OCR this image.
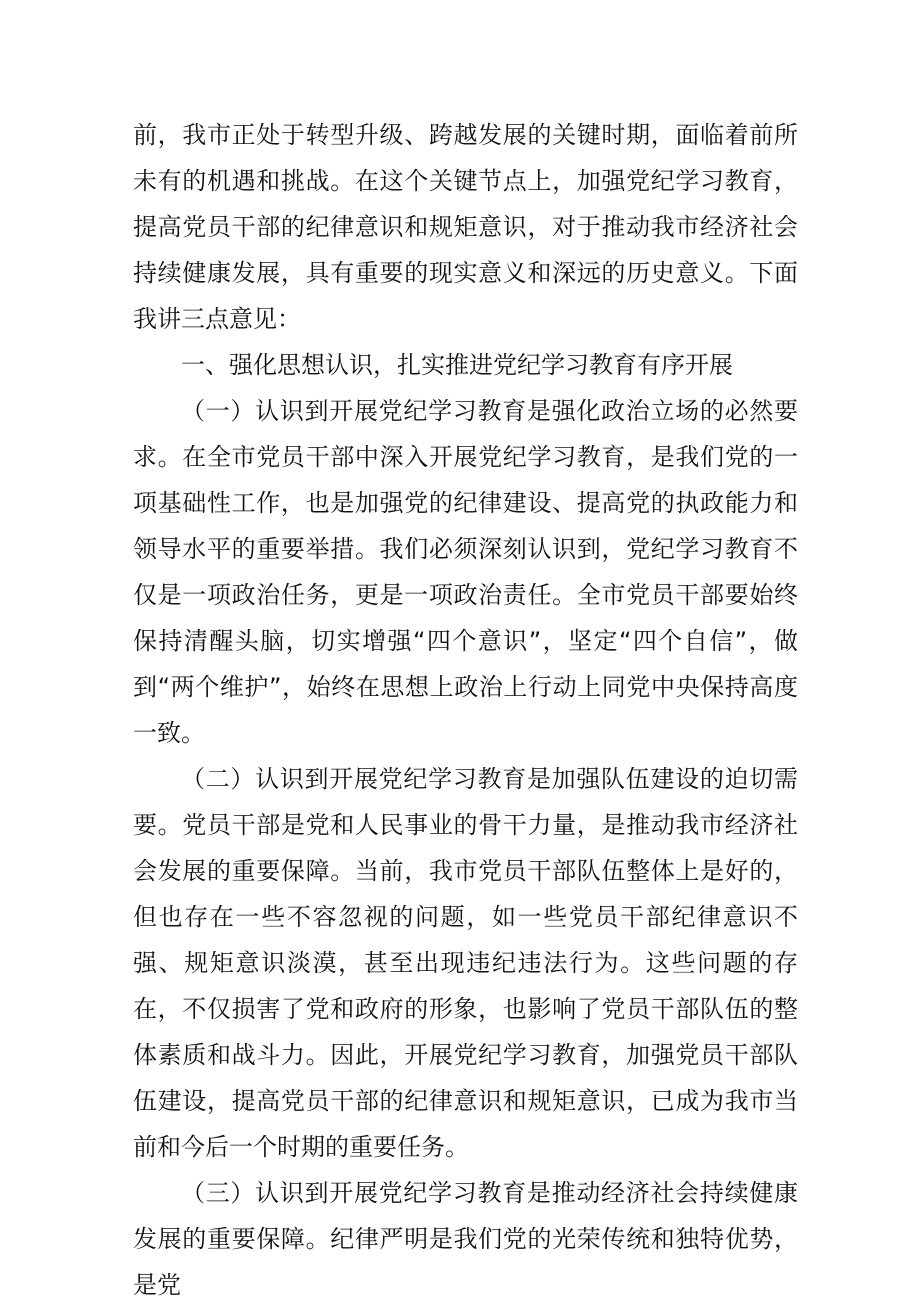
前，我市正处于转型升级、跨越发展的关键时期，面临着前所未有的机遇和挑战。在这个关键节点上，加强党纪学习教育，提高党员干部的纪律意识和规矩意识，对于推动我市经济社会持续健康发展，具有重要的现实意义和深远的历史意义。下面我讲三点意见：

一、强化思想认识，扎实推进党纪学习教育有序开展

（一）认识到开展党纪学习教育是强化政治立场的必然要求。在全市党员干部中深入开展党纪学习教育，是我们党的一项基础性工作，也是加强党的纪律建设、提高党的执政能力和领导水平的重要举措。我们必须深刻认识到，党纪学习教育不仅是一项政治任务，更是一项政治责任。全市党员干部要始终保持清醒头脑，切实增强“四个意识”，坚定“四个自信”，做到“两个维护”，始终在思想上政治上行动上同党中央保持高度一致。

（二）认识到开展党纪学习教育是加强队伍建设的迫切需要。党员干部是党和人民事业的骨干力量，是推动我市经济社会发展的重要保障。当前，我市党员干部队伍整体上是好的，但也存在一些不容忽视的问题，如一些党员干部纪律意识不强、规矩意识淡漠，甚至出现违纪违法行为。这些问题的存在，不仅损害了党和政府的形象，也影响了党员干部队伍的整体素质和战斗力。因此，开展党纪学习教育，加强党员干部队伍建设，提高党员干部的纪律意识和规矩意识，已成为我市当前和今后一个时期的重要任务。

（三）认识到开展党纪学习教育是推动经济社会持续健康发展的重要保障。纪律严明是我们党的光荣传统和独特优势，是党
